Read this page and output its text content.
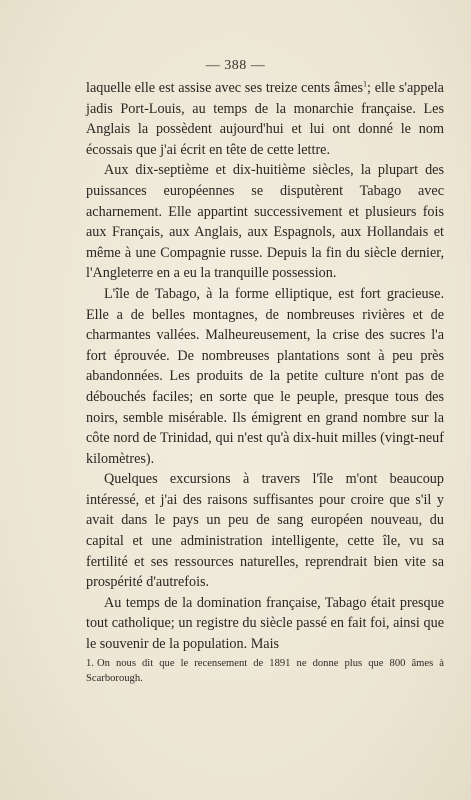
— 388 —

laquelle elle est assise avec ses treize cents âmes$^1$; elle s'appela jadis Port-Louis, au temps de la monarchie française. Les Anglais la possèdent aujourd'hui et lui ont donné le nom écossais que j'ai écrit en tête de cette lettre.

Aux dix-septième et dix-huitième siècles, la plupart des puissances européennes se disputèrent Tabago avec acharnement. Elle appartint successivement et plusieurs fois aux Français, aux Anglais, aux Espagnols, aux Hollandais et même à une Compagnie russe. Depuis la fin du siècle dernier, l'Angleterre en a eu la tranquille possession.

L'île de Tabago, à la forme elliptique, est fort gracieuse. Elle a de belles montagnes, de nombreuses rivières et de charmantes vallées. Malheureusement, la crise des sucres l'a fort éprouvée. De nombreuses plantations sont à peu près abandonnées. Les produits de la petite culture n'ont pas de débouchés faciles; en sorte que le peuple, presque tous des noirs, semble misérable. Ils émigrent en grand nombre sur la côte nord de Trinidad, qui n'est qu'à dix-huit milles (vingt-neuf kilomètres).

Quelques excursions à travers l'île m'ont beaucoup intéressé, et j'ai des raisons suffisantes pour croire que s'il y avait dans le pays un peu de sang européen nouveau, du capital et une administration intelligente, cette île, vu sa fertilité et ses ressources naturelles, reprendrait bien vite sa prospérité d'autrefois.

Au temps de la domination française, Tabago était presque tout catholique; un registre du siècle passé en fait foi, ainsi que le souvenir de la population. Mais

1. On nous dit que le recensement de 1891 ne donne plus que 800 âmes à Scarborough.
